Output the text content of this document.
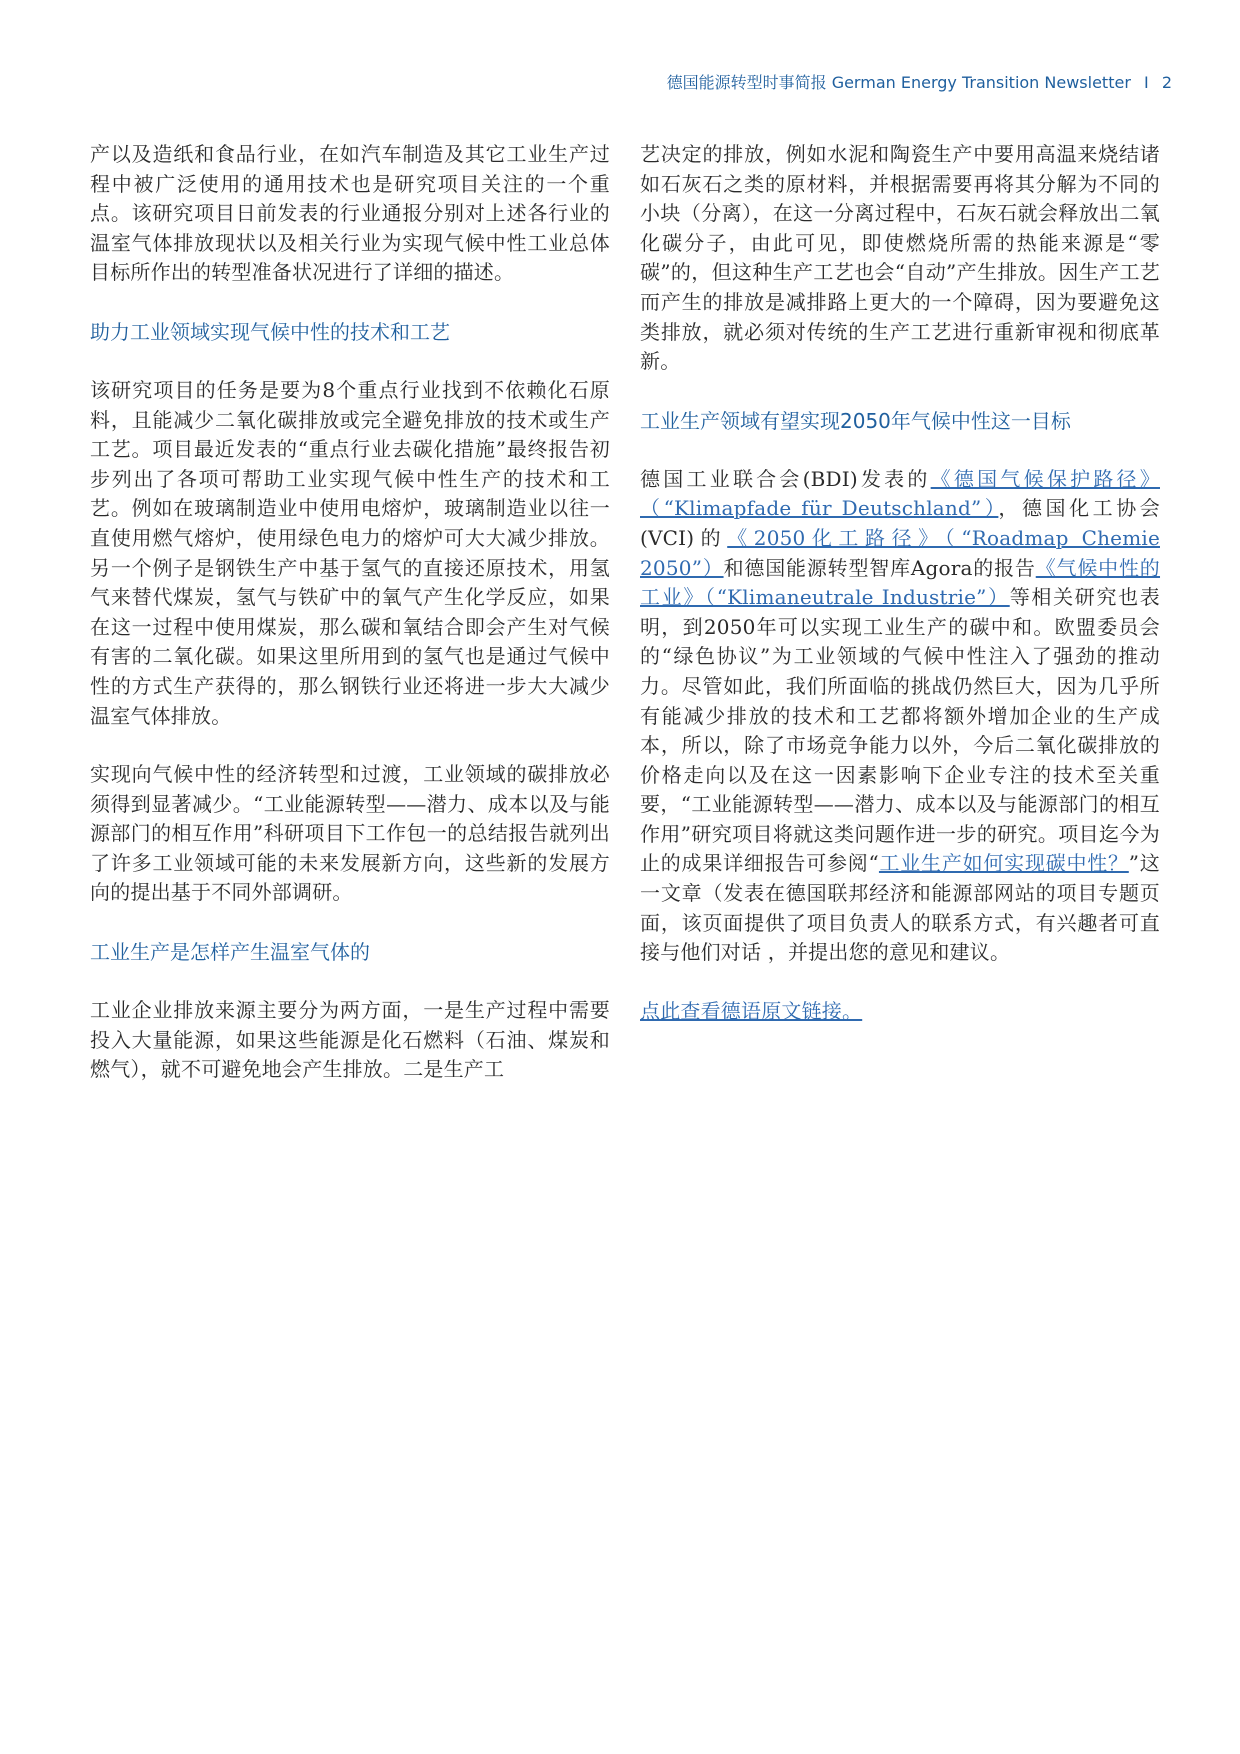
德国能源转型时事简报 German Energy Transition Newsletter I 2

产以及造纸和食品行业，在如汽车制造及其它工业生产过程中被广泛使用的通用技术也是研究项目关注的一个重点。该研究项目日前发表的行业通报分别对上述各行业的温室气体排放现状以及相关行业为实现气候中性工业总体目标所作出的转型准备状况进行了详细的描述。

助力工业领域实现气候中性的技术和工艺

该研究项目的任务是要为8个重点行业找到不依赖化石原料，且能减少二氧化碳排放或完全避免排放的技术或生产工艺。项目最近发表的“重点行业去碳化措施”最终报告初步列出了各项可帮助工业实现气候中性生产的技术和工艺。例如在玻璃制造业中使用电熔炉，玻璃制造业以往一直使用燃气熔炉，使用绿色电力的熔炉可大大减少排放。另一个例子是钢铁生产中基于氢气的直接还原技术，用氢气来替代煤炭，氢气与铁矿中的氧气产生化学反应，如果在这一过程中使用煤炭，那么碳和氧结合即会产生对气候有害的二氧化碳。如果这里所用到的氢气也是通过气候中性的方式生产获得的，那么钢铁行业还将进一步大大减少温室气体排放。

实现向气候中性的经济转型和过渡，工业领域的碳排放必须得到显著减少。“工业能源转型——潜力、成本以及与能源部门的相互作用”科研项目下工作包一的总结报告就列出了许多工业领域可能的未来发展新方向，这些新的发展方向的提出基于不同外部调研。

工业生产是怎样产生温室气体的

工业企业排放来源主要分为两方面，一是生产过程中需要投入大量能源，如果这些能源是化石燃料（石油、煤炭和燃气），就不可避免地会产生排放。二是生产工

艺决定的排放，例如水泥和陶瓷生产中要用高温来烧结诸如石灰石之类的原材料，并根据需要再将其分解为不同的小块（分离），在这一分离过程中，石灰石就会释放出二氧化碳分子，由此可见，即使燃烧所需的热能来源是“零碳”的，但这种生产工艺也会“自动”产生排放。因生产工艺而产生的排放是减排路上更大的一个障碍，因为要避免这类排放，就必须对传统的生产工艺进行重新审视和彻底革新。

工业生产领域有望实现2050年气候中性这一目标

德国工业联合会(BDI)发表的《德国气候保护路径》（“Klimapfade für Deutschland”），德国化工协会(VCI)的《2050化工路径》（“Roadmap Chemie 2050”）和德国能源转型智库Agora的报告《气候中性的工业》（“Klimaneutrale Industrie”）等相关研究也表明，到2050年可以实现工业生产的碳中和。欧盟委员会的“绿色协议”为工业领域的气候中性注入了强劲的推动力。尽管如此，我们所面临的挑战仍然巨大，因为几乎所有能减少排放的技术和工艺都将额外增加企业的生产成本，所以，除了市场竞争能力以外，今后二氧化碳排放的价格走向以及在这一因素影响下企业专注的技术至关重要，“工业能源转型——潜力、成本以及与能源部门的相互作用”研究项目将就这类问题作进一步的研究。项目迄今为止的成果详细报告可参阅“工业生产如何实现碳中性？”这一文章（发表在德国联邦经济和能源部网站的项目专题页面，该页面提供了项目负责人的联系方式，有兴趣者可直接与他们对话 ，并提出您的意见和建议。

点此查看德语原文链接。
